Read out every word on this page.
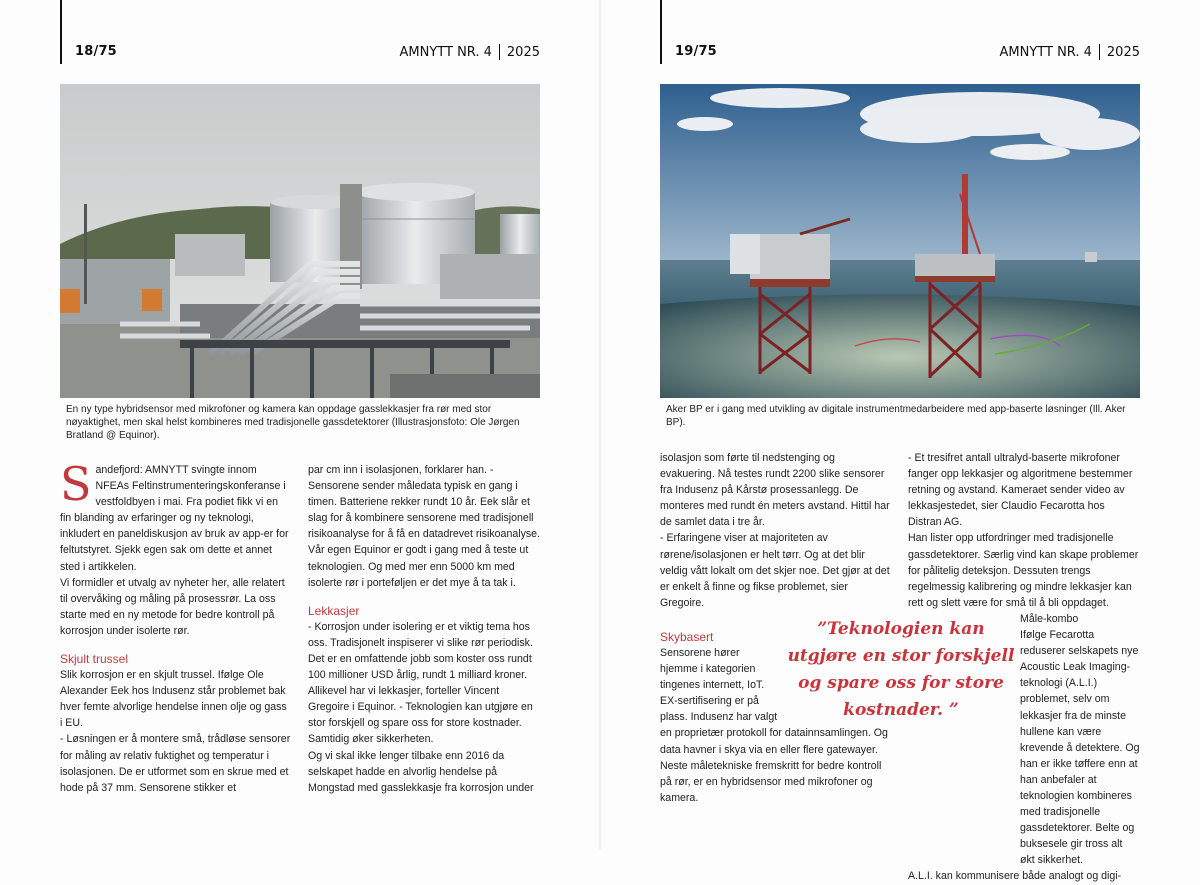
18/75	AMNYTT NR. 4 2025
En ny type hybridsensor med mikrofoner og kamera kan oppdage gasslekkasjer fra rør med stor nøyaktighet, men skal helst kombineres med tradisjonelle gassdetektorer (Illustrasjonsfoto: Ole Jørgen Bratland @ Equinor).

Sandefjord: AMNYTT svingte innom NFEAs Feltinstrumenteringskonferanse i vestfoldbyen i mai. Fra podiet fikk vi en fin blanding av erfaringer og ny teknologi, inkludert en paneldiskusjon av bruk av app-er for feltutstyret. Sjekk egen sak om dette et annet sted i artikkelen.

Vi formidler et utvalg av nyheter her, alle relatert til overvåking og måling på prosessrør. La oss starte med en ny metode for bedre kontroll på korrosjon under isolerte rør.

Skjult trussel

Slik korrosjon er en skjult trussel. Ifølge Ole Alexander Eek hos Indusenz står problemet bak hver femte alvorlige hendelse innen olje og gass i EU.

- Løsningen er å montere små, trådløse sensorer for måling av relativ fuktighet og temperatur i isolasjonen. De er utformet som en skrue med et hode på 37 mm. Sensorene stikker et

par cm inn i isolasjonen, forklarer han. - Sensorene sender måledata typisk en gang i timen. Batteriene rekker rundt 10 år. Eek slår et slag for å kombinere sensorene med tradisjonell risikoanalyse for å få en datadrevet risikoanalyse. Vår egen Equinor er godt i gang med å teste ut teknologien. Og med mer enn 5000 km med isolerte rør i porteføljen er det mye å ta tak i.

Lekkasjer

- Korrosjon under isolering er et viktig tema hos oss. Tradisjonelt inspiserer vi slike rør periodisk. Det er en omfattende jobb som koster oss rundt 100 millioner USD årlig, rundt 1 milliard kroner. Allikevel har vi lekkasjer, forteller Vincent Gregoire i Equinor. - Teknologien kan utgjøre en stor forskjell og spare oss for store kostnader. Samtidig øker sikkerheten.

Og vi skal ikke lenger tilbake enn 2016 da selskapet hadde en alvorlig hendelse på Mongstad med gasslekkasje fra korrosjon under

19/75	AMNYTT NR. 4 2025
Aker BP er i gang med utvikling av digitale instrumentmedarbeidere med app-baserte løsninger (Ill. Aker BP).

isolasjon som førte til nedstenging og evakuering. Nå testes rundt 2200 slike sensorer fra Indusenz på Kårstø prosessanlegg. De monteres med rundt én meters avstand. Hittil har de samlet data i tre år.

- Erfaringene viser at majoriteten av rørene/isolasjonen er helt tørr. Og at det blir veldig vått lokalt om det skjer noe. Det gjør at det er enkelt å finne og fikse problemet, sier Gregoire.

Skybasert

Sensorene hører hjemme i kategorien tingenes internett, IoT. EX-sertifisering er på plass. Indusenz har valgt

en proprietær protokoll for datainnsamlingen. Og data havner i skya via en eller flere gatewayer. Neste måletekniske fremskritt for bedre kontroll på rør, er en hybridsensor med mikrofoner og kamera.

- Et tresifret antall ultralyd-baserte mikrofoner fanger opp lekkasjer og algoritmene bestemmer retning og avstand. Kameraet sender video av lekkasjestedet, sier Claudio Fecarotta hos Distran AG.

Han lister opp utfordringer med tradisjonelle gassdetektorer. Særlig vind kan skape problemer for pålitelig deteksjon. Dessuten trengs regelmessig kalibrering og mindre lekkasjer kan rett og slett være for små til å bli oppdaget.

Måle-kombo

Ifølge Fecarotta reduserer selskapets nye Acoustic Leak Imaging-teknologi (A.L.I.) problemet, selv om lekkasjer fra de minste hullene kan være krevende å detektere. Og han er ikke tøffere enn at han anbefaler at teknologien kombineres med tradisjonelle gassdetektorer. Belte og buksesele gir tross alt økt sikkerhet.

A.L.I. kan kommunisere både analogt og digi-

”Teknologien kan utgjøre en stor forskjell og spare oss for store kostnader. ”
